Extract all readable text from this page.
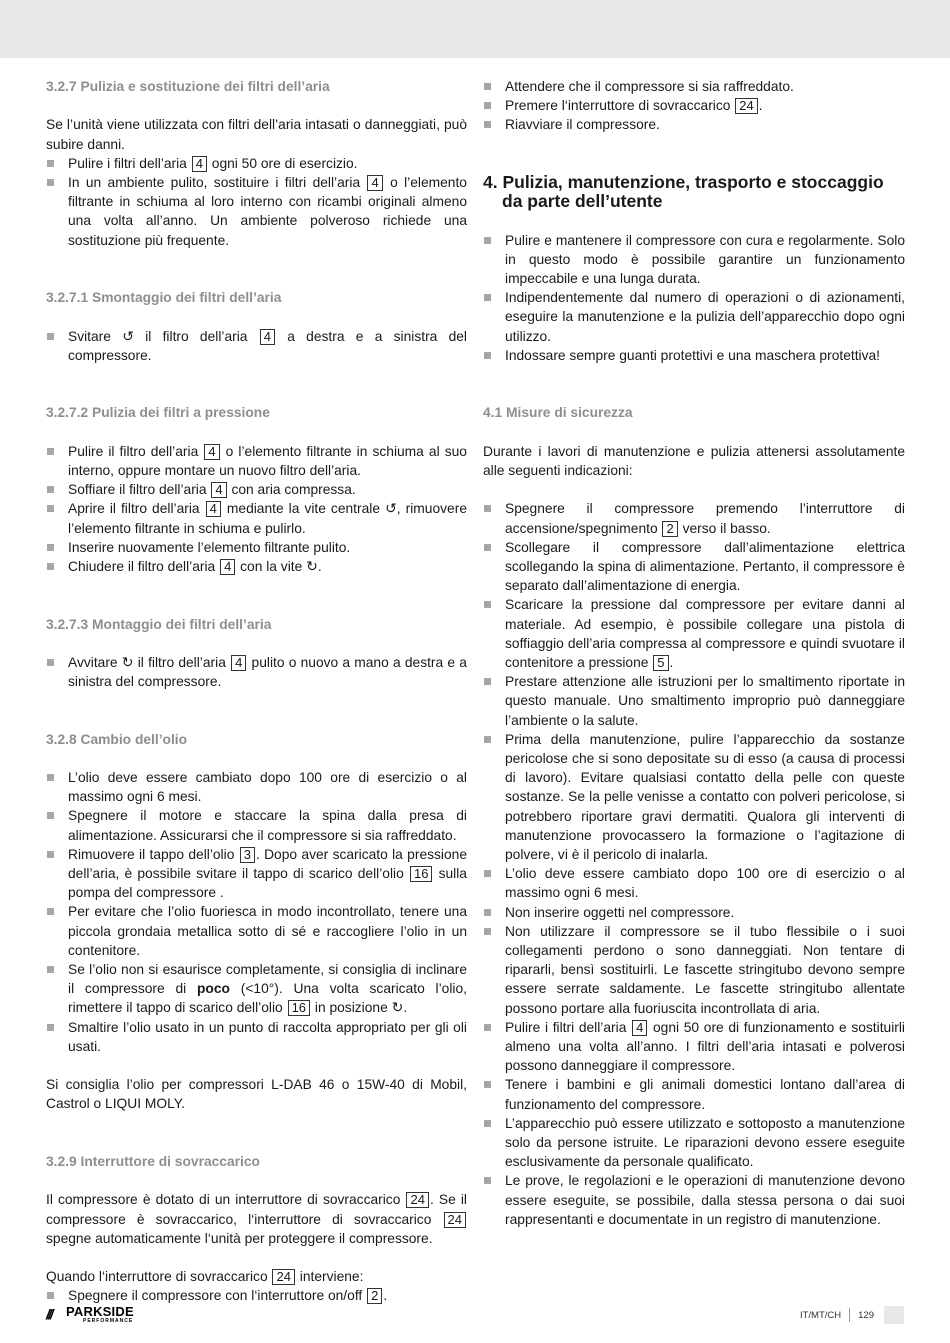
3.2.7 Pulizia e sostituzione dei filtri dell’aria
Se l’unità viene utilizzata con filtri dell’aria intasati o danneggiati, può subire danni.
Pulire i filtri dell’aria 4 ogni 50 ore di esercizio.
In un ambiente pulito, sostituire i filtri dell’aria 4 o l’elemento filtrante in schiuma al loro interno con ricambi originali almeno una volta all’anno. Un ambiente polveroso richiede una sostituzione più frequente.
3.2.7.1 Smontaggio dei filtri dell’aria
Svitare ↺ il filtro dell’aria 4 a destra e a sinistra del compressore.
3.2.7.2 Pulizia dei filtri a pressione
Pulire il filtro dell’aria 4 o l’elemento filtrante in schiuma al suo interno, oppure montare un nuovo filtro dell’aria.
Soffiare il filtro dell’aria 4 con aria compressa.
Aprire il filtro dell’aria 4 mediante la vite centrale ↺, rimuovere l’elemento filtrante in schiuma e pulirlo.
Inserire nuovamente l’elemento filtrante pulito.
Chiudere il filtro dell’aria 4 con la vite ↻.
3.2.7.3 Montaggio dei filtri dell’aria
Avvitare ↻ il filtro dell’aria 4 pulito o nuovo a mano a destra e a sinistra del compressore.
3.2.8 Cambio dell’olio
L’olio deve essere cambiato dopo 100 ore di esercizio o al massimo ogni 6 mesi.
Spegnere il motore e staccare la spina dalla presa di alimentazione. Assicurarsi che il compressore si sia raffreddato.
Rimuovere il tappo dell’olio 3 . Dopo aver scaricato la pressione dell’aria, è possibile svitare il tappo di scarico dell’olio 16 sulla pompa del compressore .
Per evitare che l’olio fuoriesca in modo incontrollato, tenere una piccola grondaia metallica sotto di sé e raccogliere l’olio in un contenitore.
Se l’olio non si esaurisce completamente, si consiglia di inclinare il compressore di poco (<10°). Una volta scaricato l’olio, rimettere il tappo di scarico dell’olio 16 in posizione ↻.
Smaltire l’olio usato in un punto di raccolta appropriato per gli oli usati.
Si consiglia l’olio per compressori L-DAB 46 o 15W-40 di Mobil, Castrol o LIQUI MOLY.
3.2.9 Interruttore di sovraccarico
Il compressore è dotato di un interruttore di sovraccarico 24 . Se il compressore è sovraccarico, l‘interruttore di sovraccarico 24 spegne automaticamente l‘unità per proteggere il compressore.
Quando l‘interruttore di sovraccarico 24 interviene:
Spegnere il compressore con l‘interruttore on/off 2 .
Attendere che il compressore si sia raffreddato.
Premere l‘interruttore di sovraccarico 24 .
Riavviare il compressore.
4. Pulizia, manutenzione, trasporto e stoccaggio da parte dell’utente
Pulire e mantenere il compressore con cura e regolarmente. Solo in questo modo è possibile garantire un funzionamento impeccabile e una lunga durata.
Indipendentemente dal numero di operazioni o di azionamenti, eseguire la manutenzione e la pulizia dell’apparecchio dopo ogni utilizzo.
Indossare sempre guanti protettivi e una maschera protettiva!
4.1 Misure di sicurezza
Durante i lavori di manutenzione e pulizia attenersi assolutamente alle seguenti indicazioni:
Spegnere il compressore premendo l’interruttore di accensione/spegnimento 2 verso il basso.
Scollegare il compressore dall’alimentazione elettrica scollegando la spina di alimentazione. Pertanto, il compressore è separato dall’alimentazione di energia.
Scaricare la pressione dal compressore per evitare danni al materiale. Ad esempio, è possibile collegare una pistola di soffiaggio dell’aria compressa al compressore e quindi svuotare il contenitore a pressione 5 .
Prestare attenzione alle istruzioni per lo smaltimento riportate in questo manuale. Uno smaltimento improprio può danneggiare l’ambiente o la salute.
Prima della manutenzione, pulire l’apparecchio da sostanze pericolose che si sono depositate su di esso (a causa di processi di lavoro). Evitare qualsiasi contatto della pelle con queste sostanze. Se la pelle venisse a contatto con polveri pericolose, si potrebbero riportare gravi dermatiti. Qualora gli interventi di manutenzione provocassero la formazione o l’agitazione di polvere, vi è il pericolo di inalarla.
L’olio deve essere cambiato dopo 100 ore di esercizio o al massimo ogni 6 mesi.
Non inserire oggetti nel compressore.
Non utilizzare il compressore se il tubo flessibile o i suoi collegamenti perdono o sono danneggiati. Non tentare di ripararli, bensì sostituirli. Le fascette stringitubo devono sempre essere serrate saldamente. Le fascette stringitubo allentate possono portare alla fuoriuscita incontrollata di aria.
Pulire i filtri dell’aria 4 ogni 50 ore di funzionamento e sostituirli almeno una volta all’anno. I filtri dell’aria intasati e polverosi possono danneggiare il compressore.
Tenere i bambini e gli animali domestici lontano dall’area di funzionamento del compressore.
L’apparecchio può essere utilizzato e sottoposto a manutenzione solo da persone istruite. Le riparazioni devono essere eseguite esclusivamente da personale qualificato.
Le prove, le regolazioni e le operazioni di manutenzione devono essere eseguite, se possibile, dalla stessa persona o dai suoi rappresentanti e documentate in un registro di manutenzione.
/// PARKSIDE
PERFORMANCE
IT/MT/CH 129
